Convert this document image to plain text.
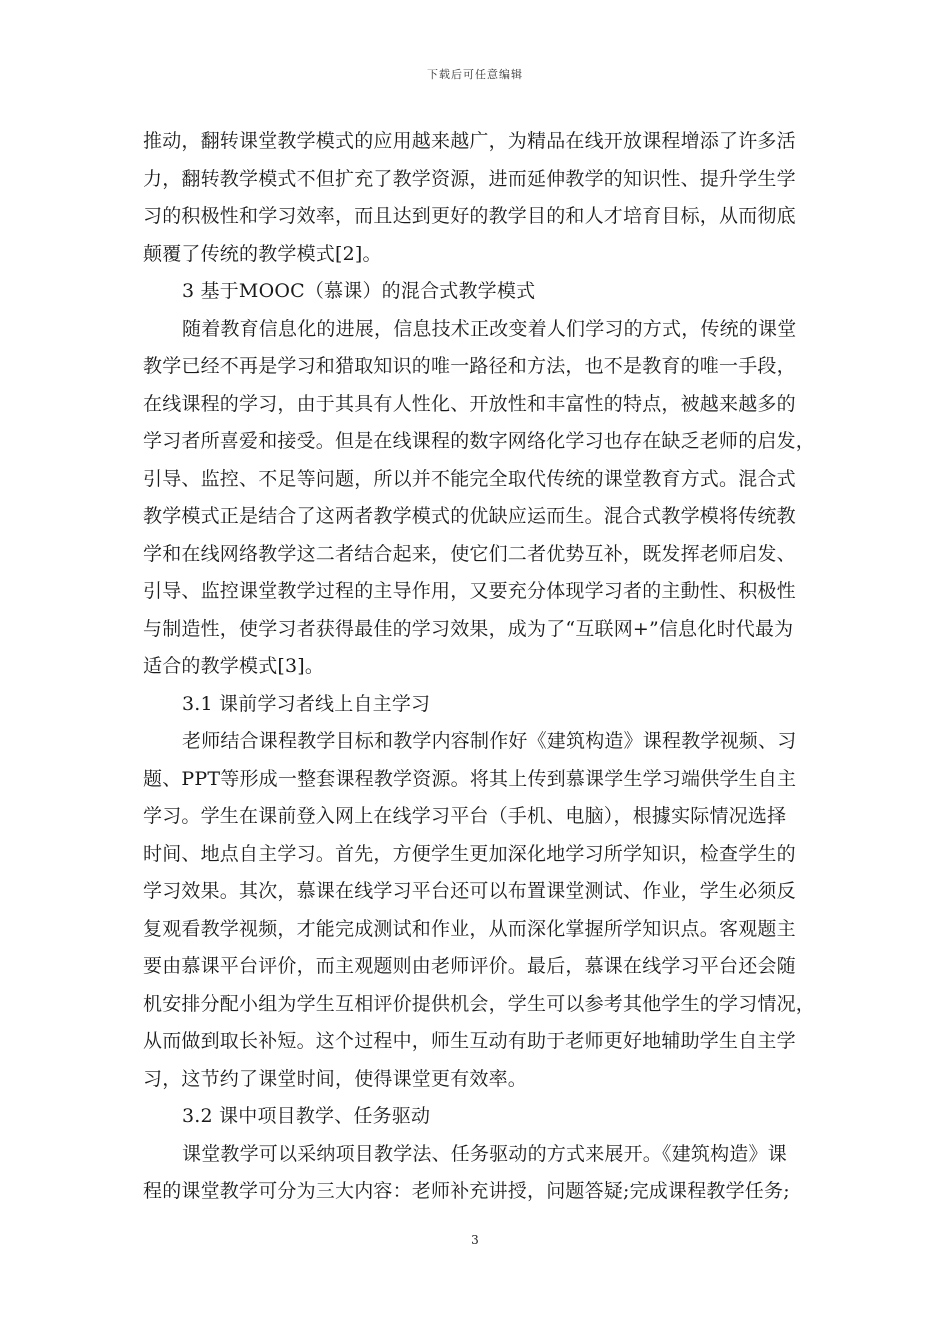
下载后可任意编辑
推动，翻转课堂教学模式的应用越来越广，为精品在线开放课程增添了许多活
力，翻转教学模式不但扩充了教学资源，进而延伸教学的知识性、提升学生学
习的积极性和学习效率，而且达到更好的教学目的和人才培育目标，从而彻底
颠覆了传统的教学模式[2]。
3 基于MOOC（慕课）的混合式教学模式
随着教育信息化的进展，信息技术正改变着人们学习的方式，传统的课堂
教学已经不再是学习和猎取知识的唯一路径和方法，也不是教育的唯一手段，
在线课程的学习，由于其具有人性化、开放性和丰富性的特点，被越来越多的
学习者所喜爱和接受。但是在线课程的数字网络化学习也存在缺乏老师的启发，
引导、监控、不足等问题，所以并不能完全取代传统的课堂教育方式。混合式
教学模式正是结合了这两者教学模式的优缺应运而生。混合式教学模将传统教
学和在线网络教学这二者结合起来，使它们二者优势互补，既发挥老师启发、
引导、监控课堂教学过程的主导作用，又要充分体现学习者的主動性、积极性
与制造性，使学习者获得最佳的学习效果，成为了“互联网+”信息化时代最为
适合的教学模式[3]。
3.1 课前学习者线上自主学习
老师结合课程教学目标和教学内容制作好《建筑构造》课程教学视频、习
题、PPT等形成一整套课程教学资源。将其上传到慕课学生学习端供学生自主
学习。学生在课前登入网上在线学习平台（手机、电脑），根據实际情况选择
时间、地点自主学习。首先，方便学生更加深化地学习所学知识，检查学生的
学习效果。其次，慕课在线学习平台还可以布置课堂测试、作业，学生必须反
复观看教学视频，才能完成测试和作业，从而深化掌握所学知识点。客观题主
要由慕课平台评价，而主观题则由老师评价。最后，慕课在线学习平台还会随
机安排分配小组为学生互相评价提供机会，学生可以参考其他学生的学习情况，
从而做到取长补短。这个过程中，师生互动有助于老师更好地辅助学生自主学
习，这节约了课堂时间，使得课堂更有效率。
3.2 课中项目教学、任务驱动
课堂教学可以采纳项目教学法、任务驱动的方式来展开。《建筑构造》课
程的课堂教学可分为三大内容：老师补充讲授，问题答疑;完成课程教学任务;
3
